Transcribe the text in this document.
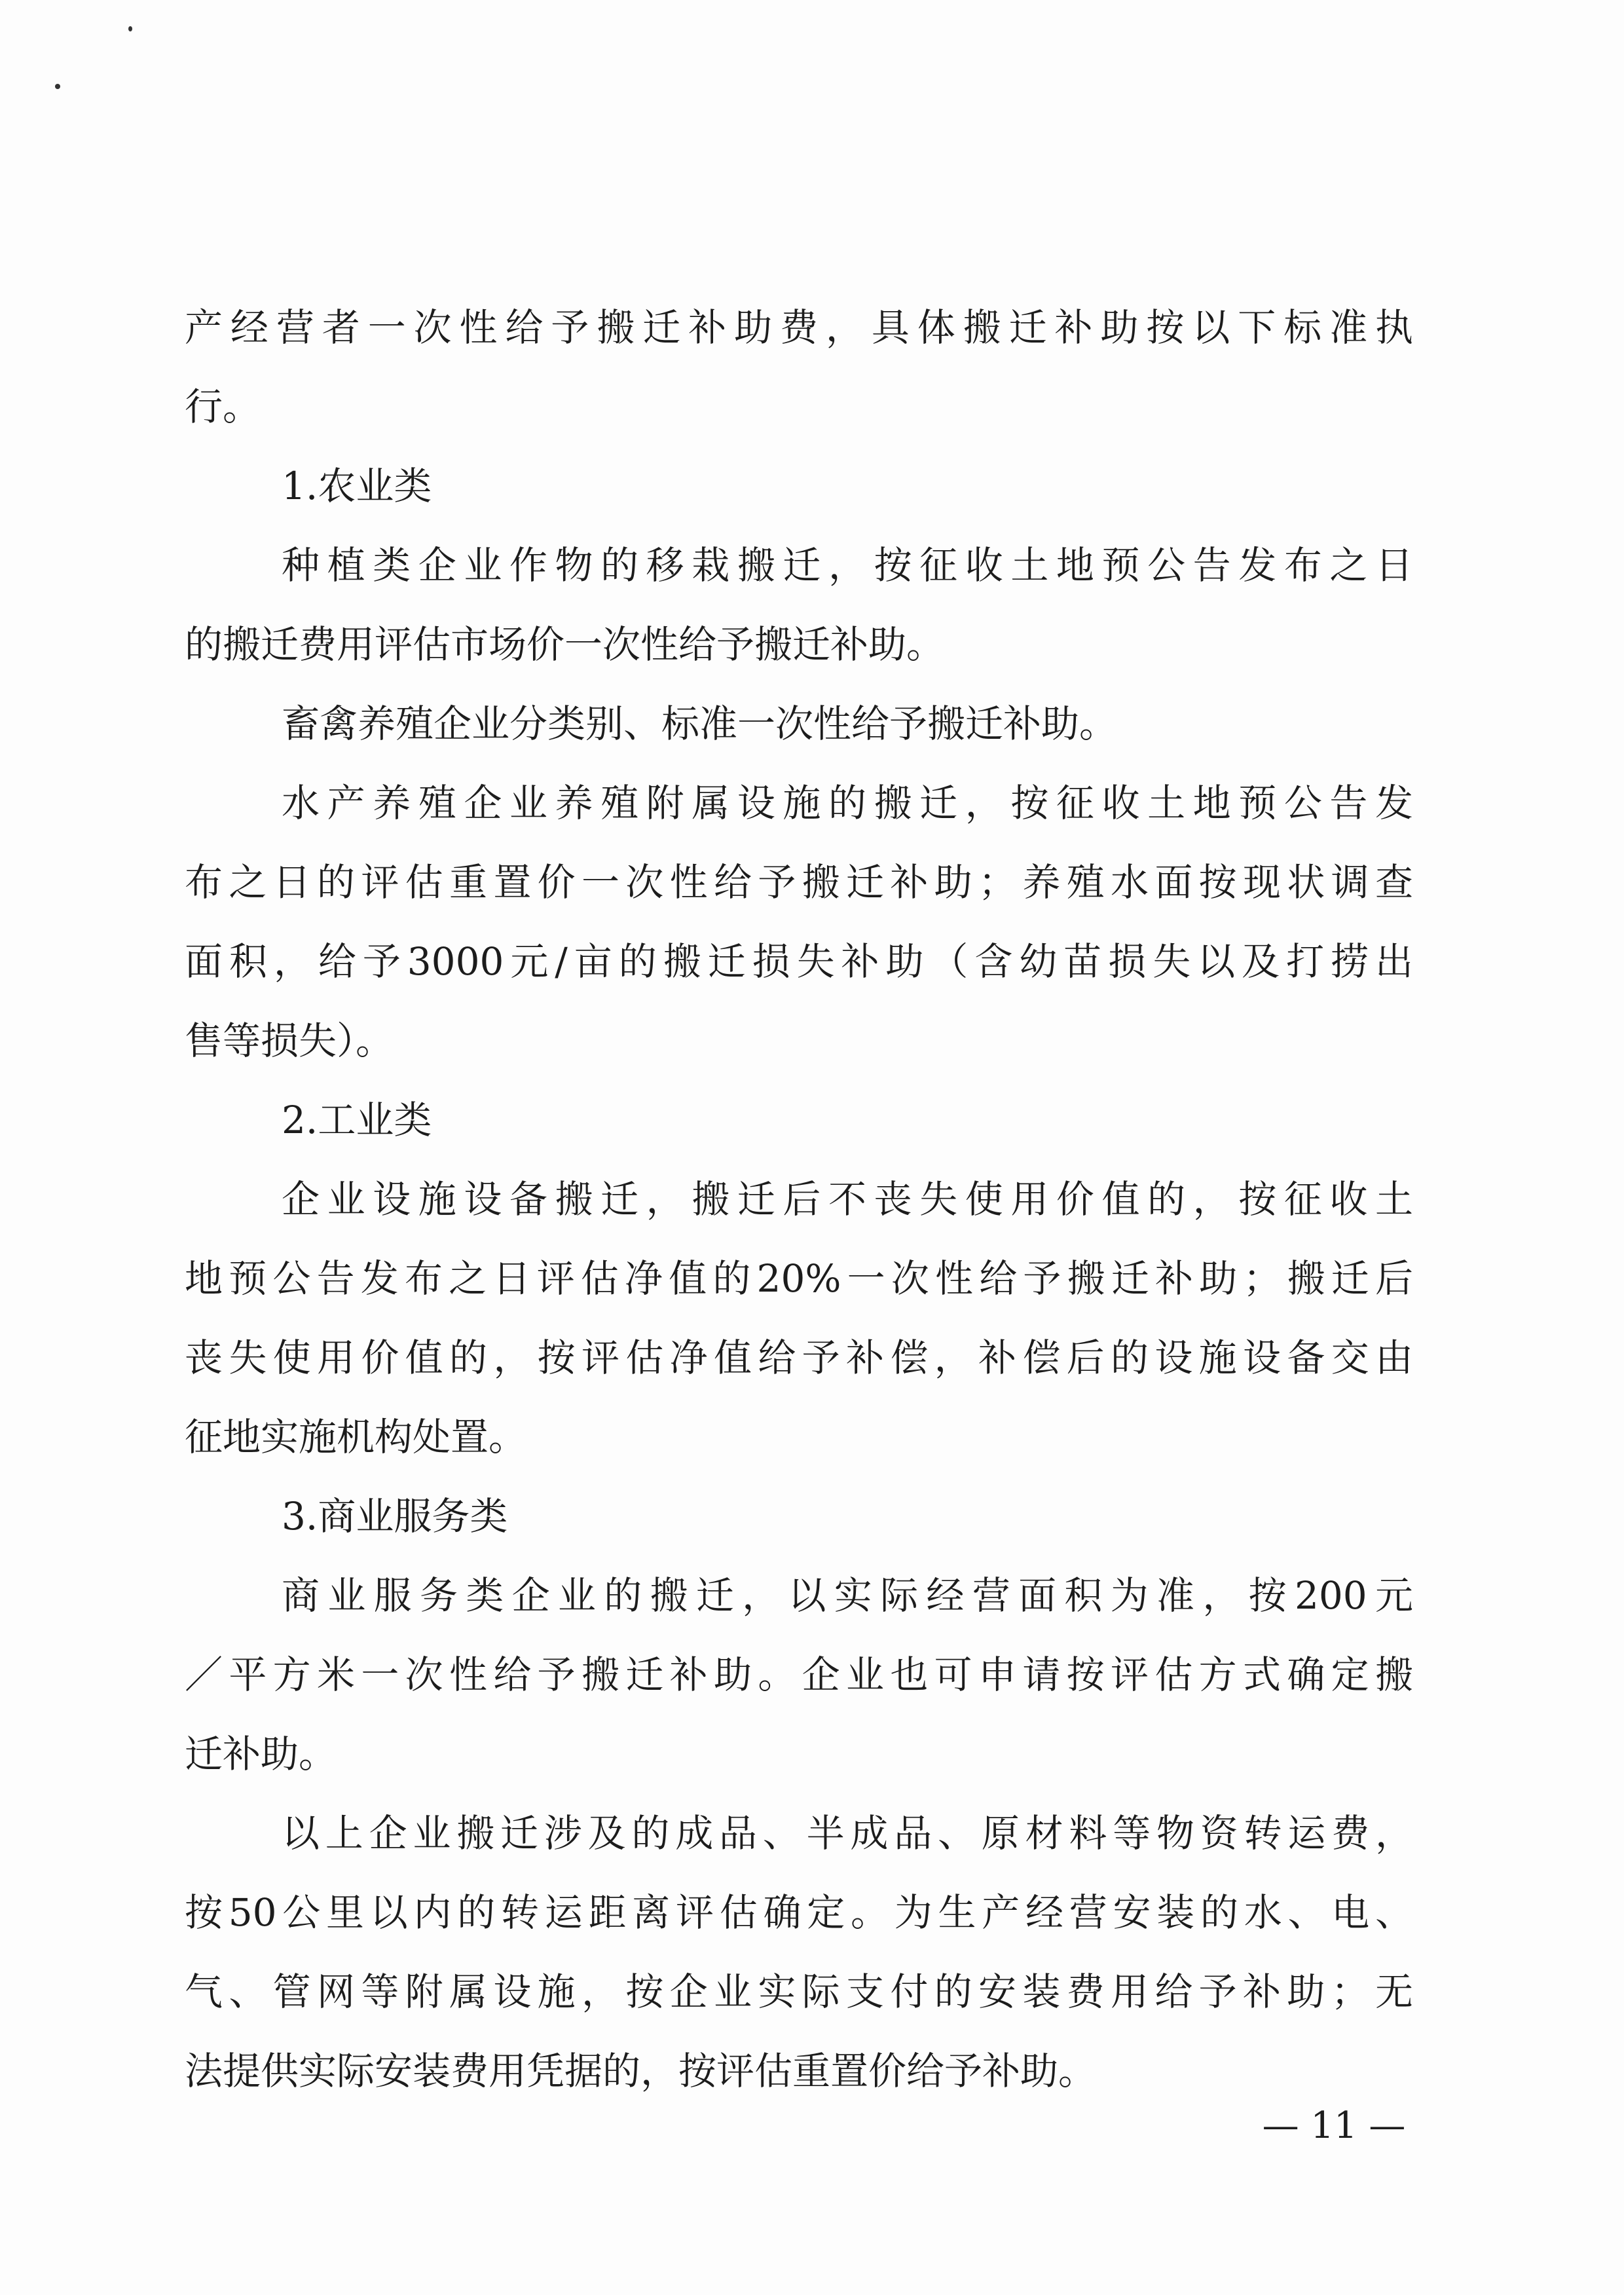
产经营者一次性给予搬迁补助费，具体搬迁补助按以下标准执
行。
1.农业类
种植类企业作物的移栽搬迁，按征收土地预公告发布之日
的搬迁费用评估市场价一次性给予搬迁补助。
畜禽养殖企业分类别、标准一次性给予搬迁补助。
水产养殖企业养殖附属设施的搬迁，按征收土地预公告发
布之日的评估重置价一次性给予搬迁补助；养殖水面按现状调查
面积，给予3000元/亩的搬迁损失补助（含幼苗损失以及打捞出
售等损失）。
2.工业类
企业设施设备搬迁，搬迁后不丧失使用价值的，按征收土
地预公告发布之日评估净值的20%一次性给予搬迁补助；搬迁后
丧失使用价值的，按评估净值给予补偿，补偿后的设施设备交由
征地实施机构处置。
3.商业服务类
商业服务类企业的搬迁，以实际经营面积为准，按200元
／平方米一次性给予搬迁补助。企业也可申请按评估方式确定搬
迁补助。
以上企业搬迁涉及的成品、半成品、原材料等物资转运费，
按50公里以内的转运距离评估确定。为生产经营安装的水、电、
气、管网等附属设施，按企业实际支付的安装费用给予补助；无
法提供实际安装费用凭据的，按评估重置价给予补助。
— 11 —
